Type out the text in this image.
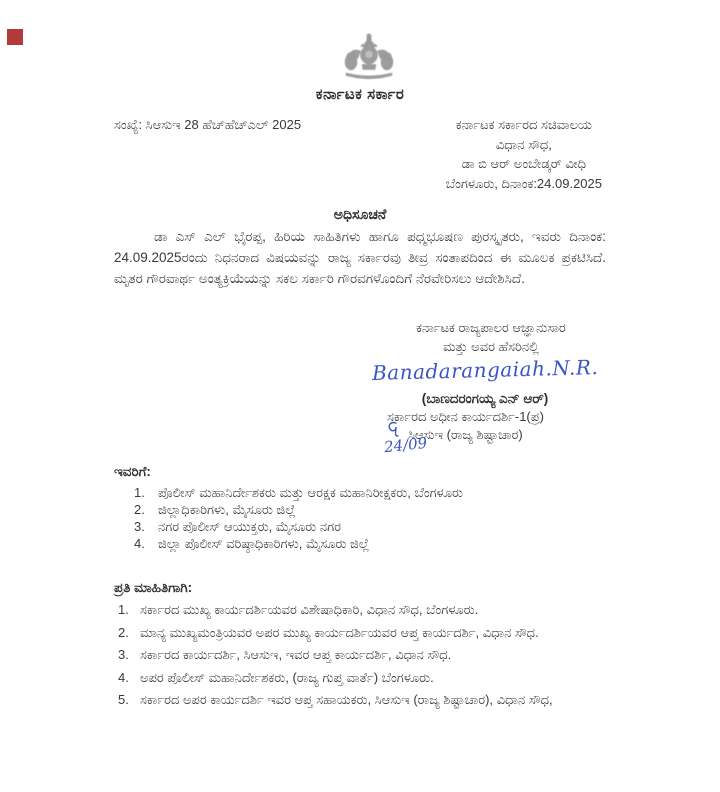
ಕರ್ನಾಟಕ ಸರ್ಕಾರ
ಸಂಖ್ಯೆ: ಸಿಆಸುಇ 28 ಹೆಚ್‌ಹೆಚ್‌ಎಲ್ 2025	ಕರ್ನಾಟಕ ಸರ್ಕಾರದ ಸಚಿವಾಲಯ
ವಿಧಾನ ಸೌಧ,
ಡಾ ಬಿ ಆರ್ ಅಂಬೇಡ್ಕರ್ ವೀಧಿ
ಬೆಂಗಳೂರು, ದಿನಾಂಕ:24.09.2025
ಅಧಿಸೂಚನೆ
ಡಾ ಎಸ್ ಎಲ್ ಭೈರಪ್ಪ, ಹಿರಿಯ ಸಾಹಿತಿಗಳು ಹಾಗೂ ಪಧ್ಮಭೂಷಣ ಪುರಸ್ಕೃತರು, ಇವರು ದಿನಾಂಕ: 24.09.2025ರಂದು ನಿಧನರಾದ ವಿಷಯವನ್ನು ರಾಜ್ಯ ಸರ್ಕಾರವು ತೀವ್ರ ಸಂತಾಪದಿಂದ ಈ ಮೂಲಕ ಪ್ರಕಟಿಸಿದೆ. ಮೃತರ ಗೌರವಾರ್ಥ ಅಂತ್ಯಕ್ರಿಯೆಯನ್ನು ಸಕಲ ಸರ್ಕಾರಿ ಗೌರವಗಳೊಂದಿಗೆ ನೆರವೇರಿಸಲು ಆದೇಶಿಸಿದೆ.
ಕರ್ನಾಟಕ ರಾಜ್ಯಪಾಲರ ಆಜ್ಞಾನುಸಾರ
ಮತ್ತು ಅವರ ಹೆಸರಿನಲ್ಲಿ
Banadarangaiah.N.R.
(ಬಾಣದರಂಗಯ್ಯ ಎನ್ ಆರ್)
ಸರ್ಕಾರದ ಅಧೀನ ಕಾರ್ಯದರ್ಶಿ-1(ಪ್ರ)
ಸಿಆಸುಇ (ರಾಜ್ಯ ಶಿಷ್ಟಾಚಾರ)
24/09
ಇವರಿಗೆ:
ಪೊಲೀಸ್ ಮಹಾನಿರ್ದೇಶಕರು ಮತ್ತು ಆರಕ್ಷಕ ಮಹಾನಿರೀಕ್ಷಕರು, ಬೆಂಗಳೂರು
ಜಿಲ್ಲಾಧಿಕಾರಿಗಳು, ಮೈಸೂರು ಜಿಲ್ಲೆ
ನಗರ ಪೊಲೀಸ್ ಆಯುಕ್ತರು, ಮೈಸೂರು ನಗರ
ಜಿಲ್ಲಾ ಪೊಲೀಸ್ ವರಿಷ್ಠಾಧಿಕಾರಿಗಳು, ಮೈಸೂರು ಜಿಲ್ಲೆ
ಪ್ರತಿ ಮಾಹಿತಿಗಾಗಿ:
ಸರ್ಕಾರದ ಮುಖ್ಯ ಕಾರ್ಯದರ್ಶಿಯವರ ವಿಶೇಷಾಧಿಕಾರಿ, ವಿಧಾನ ಸೌಧ, ಬೆಂಗಳೂರು.
ಮಾನ್ಯ ಮುಖ್ಯಮಂತ್ರಿಯವರ ಅಪರ ಮುಖ್ಯ ಕಾರ್ಯದರ್ಶಿಯವರ ಆಪ್ತ ಕಾರ್ಯದರ್ಶಿ, ವಿಧಾನ ಸೌಧ.
ಸರ್ಕಾರದ ಕಾರ್ಯದರ್ಶಿ, ಸಿಆಸುಇ, ಇವರ ಆಪ್ತ ಕಾರ್ಯದರ್ಶಿ, ವಿಧಾನ ಸೌಧ.
ಅಪರ ಪೊಲೀಸ್ ಮಹಾನಿರ್ದೇಶಕರು, (ರಾಜ್ಯ ಗುಪ್ತ ವಾರ್ತೆ) ಬೆಂಗಳೂರು.
ಸರ್ಕಾರದ ಅಪರ ಕಾರ್ಯದರ್ಶಿ ಇವರ ಆಪ್ತ ಸಹಾಯಕರು, ಸಿಆಸುಇ (ರಾಜ್ಯ ಶಿಷ್ಟಾಚಾರ), ವಿಧಾನ ಸೌಧ,
